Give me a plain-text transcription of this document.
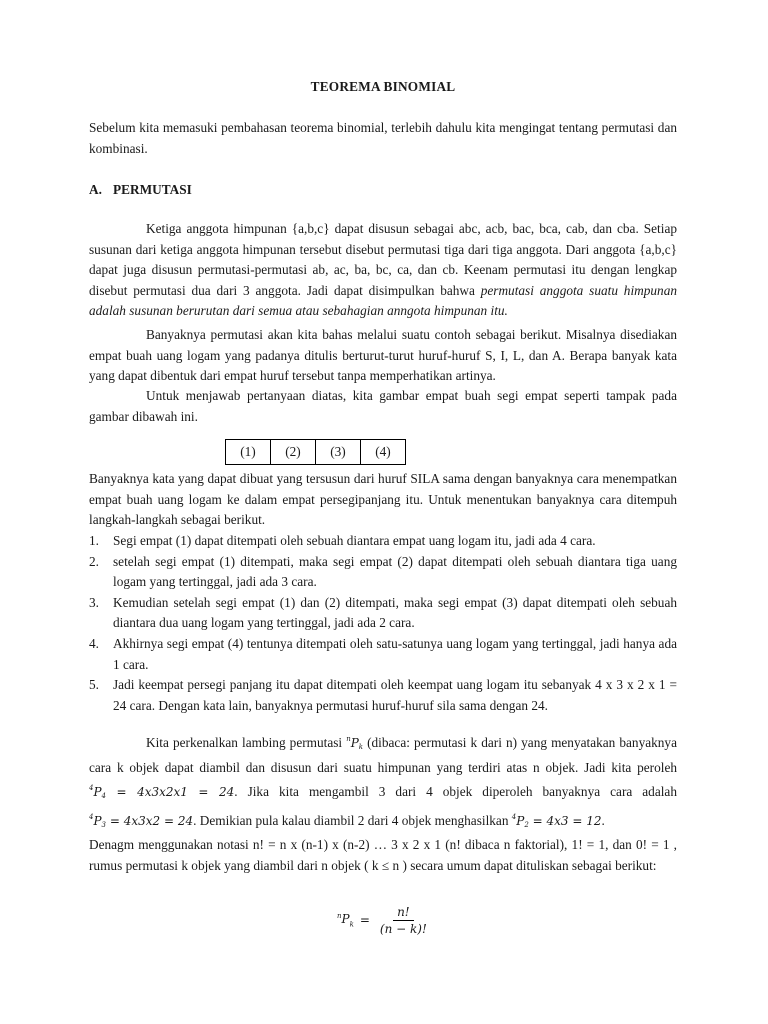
TEOREMA BINOMIAL
Sebelum kita memasuki pembahasan teorema binomial, terlebih dahulu kita mengingat tentang permutasi dan kombinasi.
A. PERMUTASI
Ketiga anggota himpunan {a,b,c} dapat disusun sebagai abc, acb, bac, bca, cab, dan cba. Setiap susunan dari ketiga anggota himpunan tersebut disebut permutasi tiga dari tiga anggota. Dari anggota {a,b,c} dapat juga disusun permutasi-permutasi ab, ac, ba, bc, ca, dan cb. Keenam permutasi itu dengan lengkap disebut permutasi dua dari 3 anggota. Jadi dapat disimpulkan bahwa permutasi anggota suatu himpunan adalah susunan berurutan dari semua atau sebahagian anngota himpunan itu.
Banyaknya permutasi akan kita bahas melalui suatu contoh sebagai berikut. Misalnya disediakan empat buah uang logam yang padanya ditulis berturut-turut huruf-huruf S, I, L, dan A. Berapa banyak kata yang dapat dibentuk dari empat huruf tersebut tanpa memperhatikan artinya.
Untuk menjawab pertanyaan diatas, kita gambar empat buah segi empat seperti tampak pada gambar dibawah ini.
(1)	(2)	(3)	(4)
Banyaknya kata yang dapat dibuat yang tersusun dari huruf SILA sama dengan banyaknya cara menempatkan empat buah uang logam ke dalam empat persegipanjang itu. Untuk menentukan banyaknya cara ditempuh langkah-langkah sebagai berikut.
1. Segi empat (1) dapat ditempati oleh sebuah diantara empat uang logam itu, jadi ada 4 cara.
2. setelah segi empat (1) ditempati, maka segi empat (2) dapat ditempati oleh sebuah diantara tiga uang logam yang tertinggal, jadi ada 3 cara.
3. Kemudian setelah segi empat (1) dan (2) ditempati, maka segi empat (3) dapat ditempati oleh sebuah diantara dua uang logam yang tertinggal, jadi ada 2 cara.
4. Akhirnya segi empat (4) tentunya ditempati oleh satu-satunya uang logam yang tertinggal, jadi hanya ada 1 cara.
5. Jadi keempat persegi panjang itu dapat ditempati oleh keempat uang logam itu sebanyak 4 x 3 x 2 x 1 = 24 cara. Dengan kata lain, banyaknya permutasi huruf-huruf sila sama dengan 24.
Kita perkenalkan lambing permutasi $^nP_k$ (dibaca: permutasi k dari n) yang menyatakan banyaknya cara k objek dapat diambil dan disusun dari suatu himpunan yang terdiri atas n objek. Jadi kita peroleh $^4P_4 = 4x3x2x1 = 24$. Jika kita mengambil 3 dari 4 objek diperoleh banyaknya cara adalah $^4P_3 = 4x3x2 = 24$. Demikian pula kalau diambil 2 dari 4 objek menghasilkan $^4P_2 = 4x3 = 12$.
Denagm menggunakan notasi n! = n x (n-1) x (n-2) … 3 x 2 x 1 (n! dibaca n faktorial), 1! = 1, dan 0! = 1 , rumus permutasi k objek yang diambil dari n objek ( k ≤ n ) secara umum dapat dituliskan sebagai berikut:
$^nP_k = \frac{n!}{(n - k)!}$
